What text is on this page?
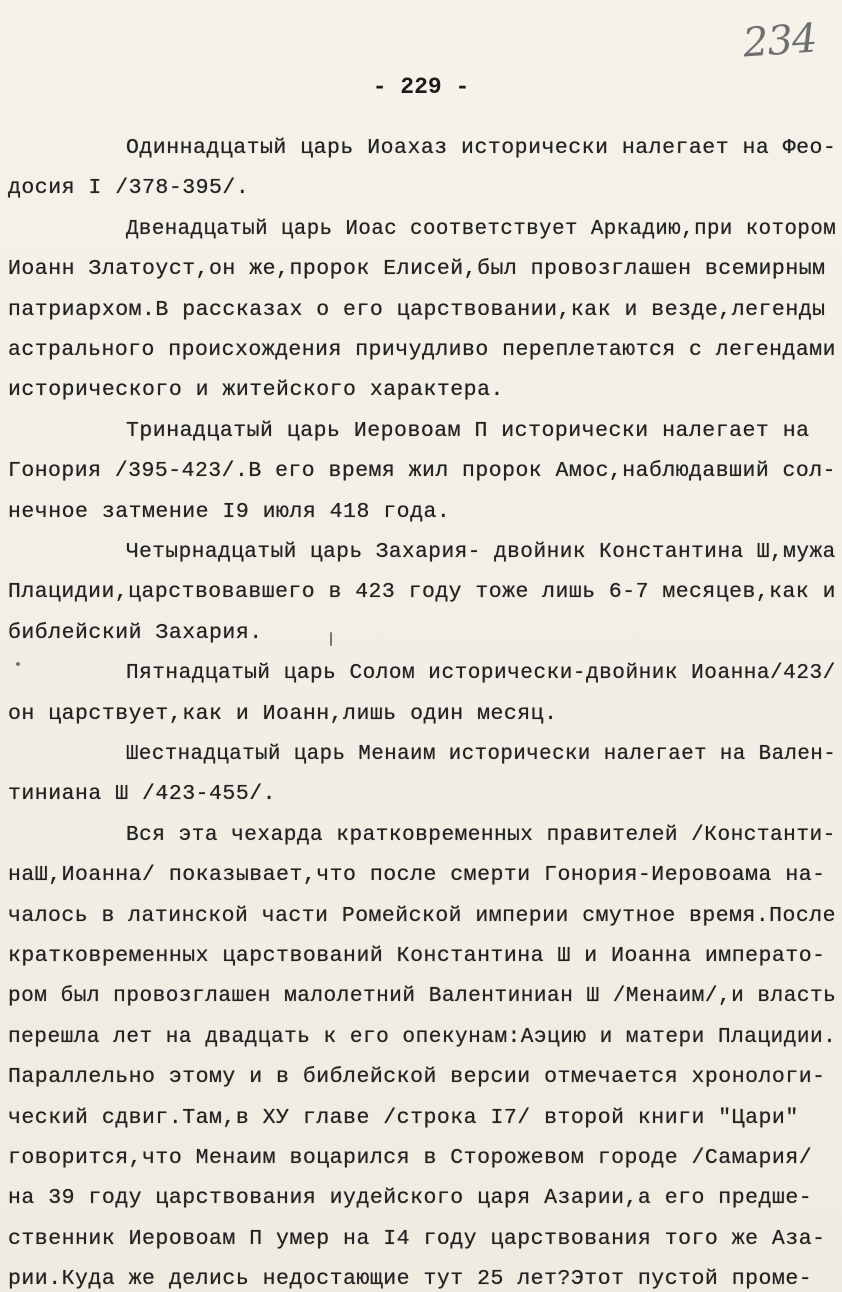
234
- 229 -
Одиннадцатый царь Иоахаз исторически налегает на Фео-
досия I /378-395/.
Двенадцатый царь Иоас соответствует Аркадию,при котором
Иоанн Златоуст,он же,пророк Елисей,был провозглашен всемирным
патриархом.В рассказах о его царствовании,как и везде,легенды
астрального происхождения причудливо переплетаются с легендами
исторического и житейского характера.
Тринадцатый царь Иеровоам П исторически налегает на
Гонория /395-423/.В его время жил пророк Амос,наблюдавший сол-
нечное затмение I9 июля 418 года.
Четырнадцатый царь Захария- двойник Константина Ш,мужа
Плацидии,царствовавшего в 423 году тоже лишь 6-7 месяцев,как и
библейский Захария.
Пятнадцатый царь Солом исторически-двойник Иоанна/423/
он царствует,как и Иоанн,лишь один месяц.
Шестнадцатый царь Менаим исторически налегает на Вален-
тиниана Ш /423-455/.
Вся эта чехарда кратковременных правителей /Константи-
наШ,Иоанна/ показывает,что после смерти Гонория-Иеровоама на-
чалось в латинской части Ромейской империи смутное время.После
кратковременных царствований Константина Ш и Иоанна императо-
ром был провозглашен малолетний Валентиниан Ш /Менаим/,и власть
перешла лет на двадцать к его опекунам:Аэцию и матери Плацидии.
Параллельно этому и в библейской версии отмечается хронологи-
ческий сдвиг.Там,в ХУ главе /строка I7/ второй книги "Цари"
говорится,что Менаим воцарился в Сторожевом городе /Самария/
на 39 году царствования иудейского царя Азарии,а его предше-
ственник Иеровоам П умер на I4 году царствования того же Аза-
рии.Куда же делись недостающие тут 25 лет?Этот пустой проме-
